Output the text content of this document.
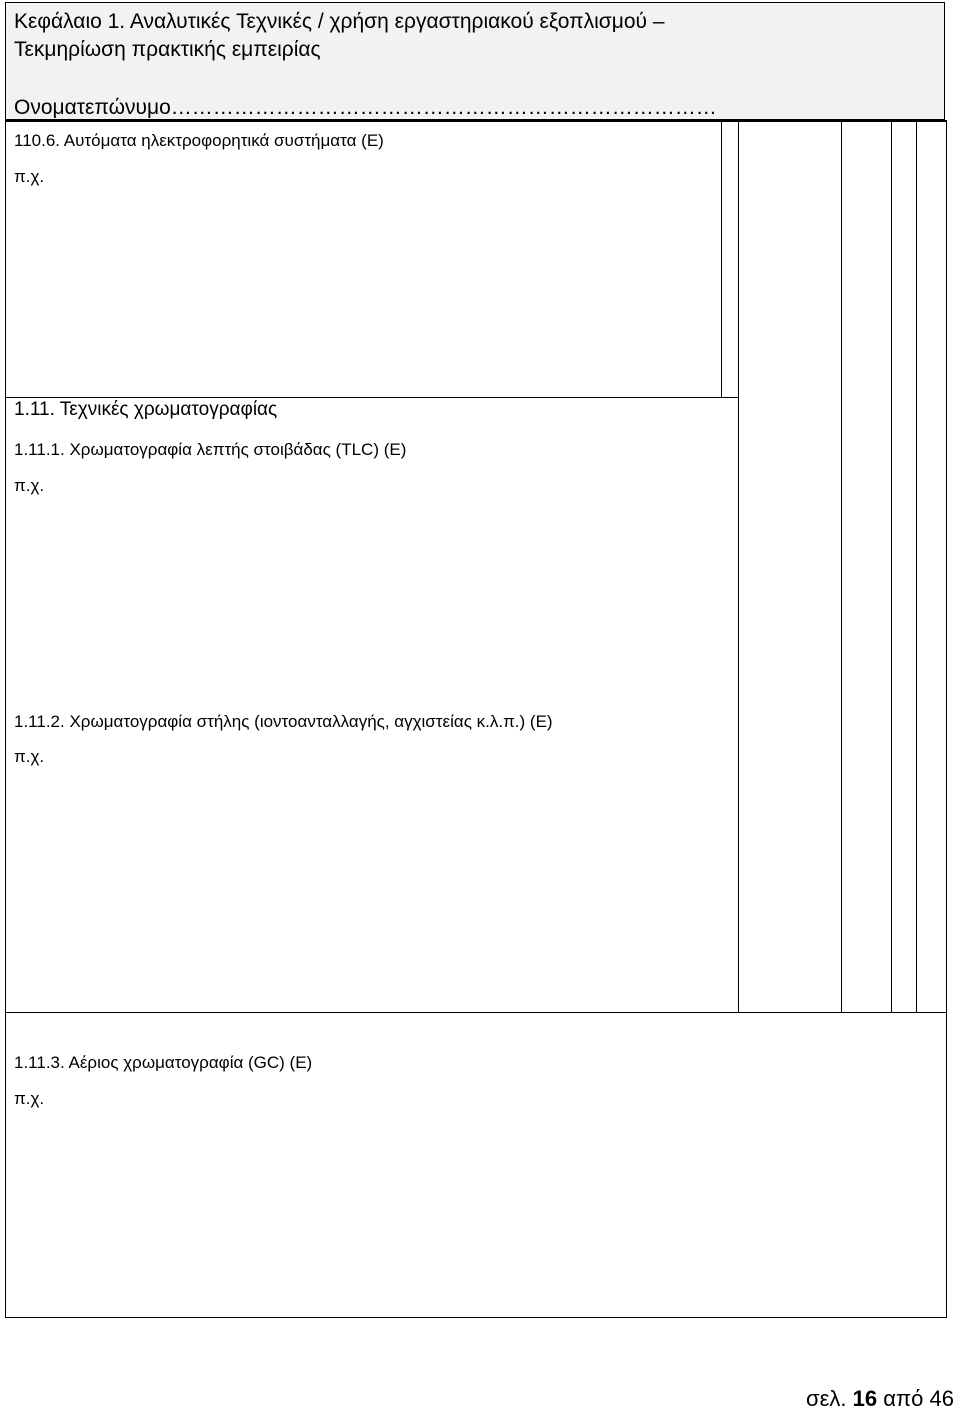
Κεφάλαιο 1. Αναλυτικές Τεχνικές / χρήση εργαστηριακού εξοπλισμού –
Τεκμηρίωση πρακτικής εμπειρίας
Ονοματεπώνυμο……………………………………………………………………
110.6. Αυτόματα ηλεκτροφορητικά συστήματα (Ε)
π.χ.
1.11. Τεχνικές χρωματογραφίας
1.11.1. Χρωματογραφία λεπτής στοιβάδας (TLC) (Ε)
π.χ.
1.11.2. Χρωματογραφία στήλης (ιοντοανταλλαγής, αγχιστείας κ.λ.π.) (Ε)
π.χ.
1.11.3. Αέριος χρωματογραφία (GC) (Ε)
π.χ.
σελ. 16 από 46
